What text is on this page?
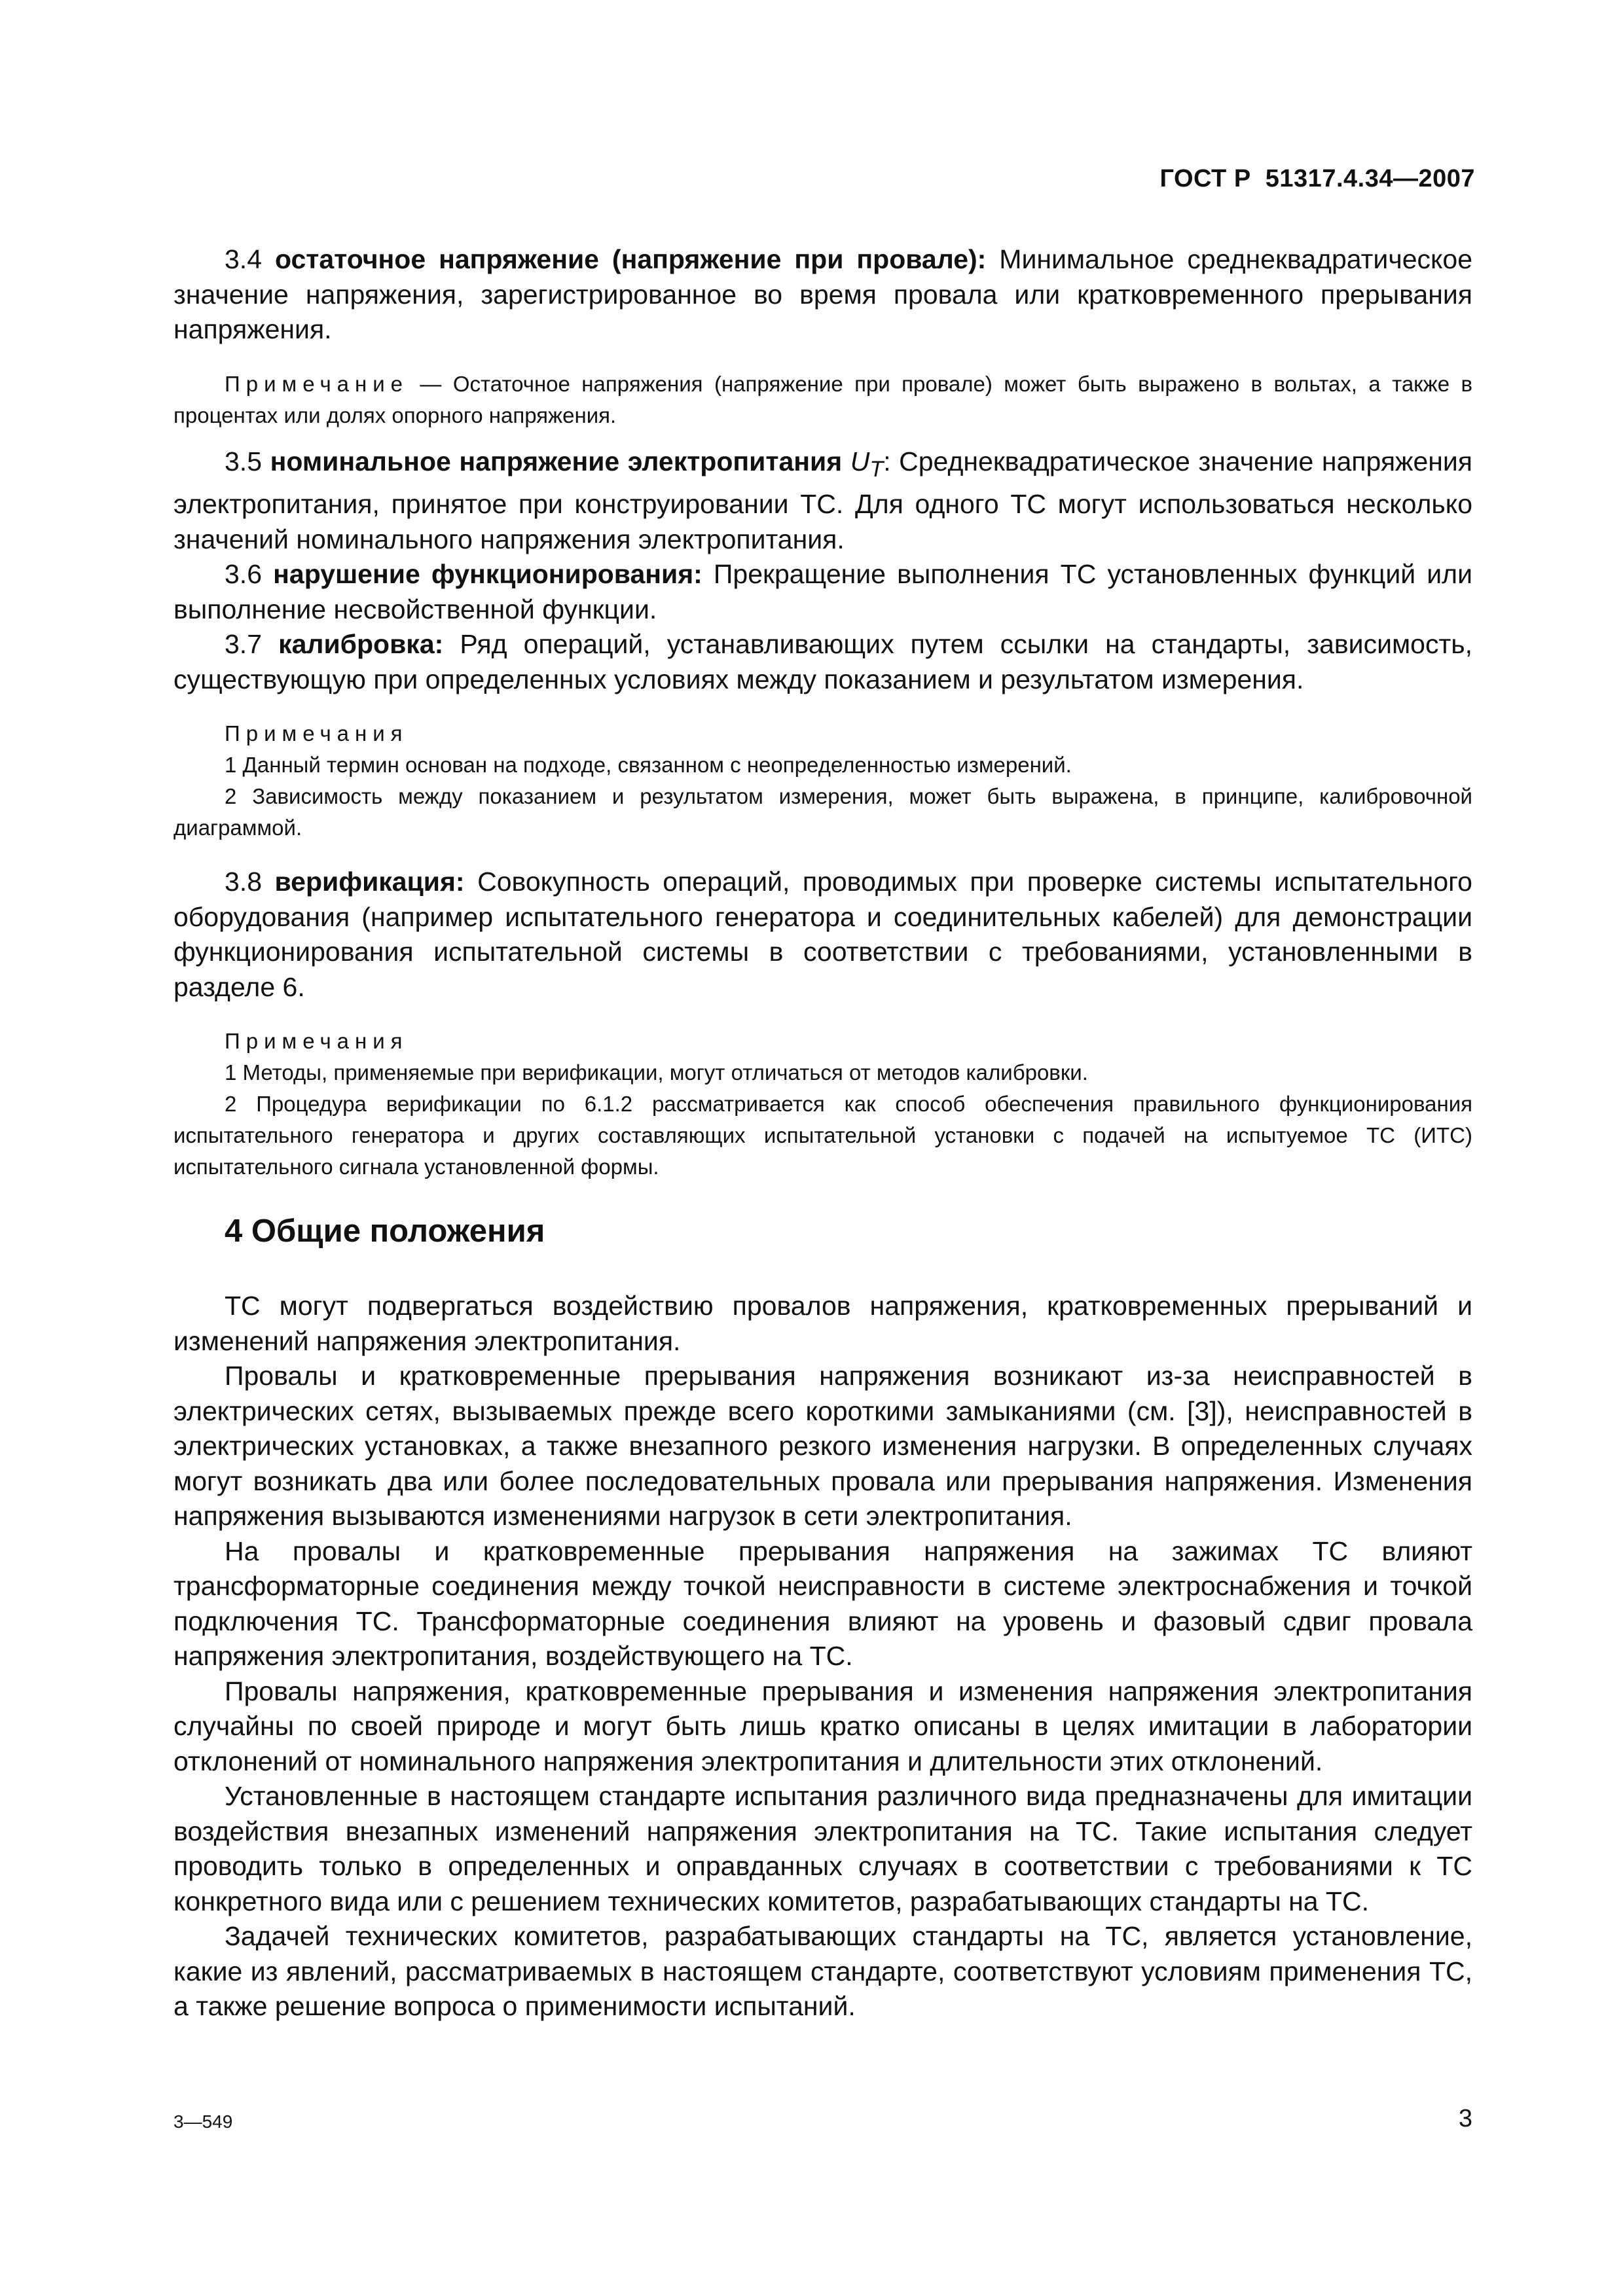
ГОСТ Р  51317.4.34—2007

3.4 остаточное напряжение (напряжение при провале): Минимальное среднеквадратическое значение напряжения, зарегистрированное во время провала или кратковременного прерывания напряжения.

Примечание — Остаточное напряжения (напряжение при провале) может быть выражено в вольтах, а также в процентах или долях опорного напряжения.

3.5 номинальное напряжение электропитания $U_T$: Среднеквадратическое значение напряжения электропитания, принятое при конструировании ТС. Для одного ТС могут использоваться несколько значений номинального напряжения электропитания.

3.6 нарушение функционирования: Прекращение выполнения ТС установленных функций или выполнение несвойственной функции.

3.7 калибровка: Ряд операций, устанавливающих путем ссылки на стандарты, зависимость, существующую при определенных условиях между показанием и результатом измерения.

Примечания

1 Данный термин основан на подходе, связанном с неопределенностью измерений.

2 Зависимость между показанием и результатом измерения, может быть выражена, в принципе, калибровочной диаграммой.

3.8 верификация: Совокупность операций, проводимых при проверке системы испытательного оборудования (например испытательного генератора и соединительных кабелей) для демонстрации функционирования испытательной системы в соответствии с требованиями, установленными в разделе 6.

Примечания

1 Методы, применяемые при верификации, могут отличаться от методов калибровки.

2 Процедура верификации по 6.1.2 рассматривается как способ обеспечения правильного функционирования испытательного генератора и других составляющих испытательной установки с подачей на испытуемое ТС (ИТС) испытательного сигнала установленной формы.

4 Общие положения

ТС могут подвергаться воздействию провалов напряжения, кратковременных прерываний и изменений напряжения электропитания.

Провалы и кратковременные прерывания напряжения возникают из-за неисправностей в электрических сетях, вызываемых прежде всего короткими замыканиями (см. [3]), неисправностей в электрических установках, а также внезапного резкого изменения нагрузки. В определенных случаях могут возникать два или более последовательных провала или прерывания напряжения. Изменения напряжения вызываются изменениями нагрузок в сети электропитания.

На провалы и кратковременные прерывания напряжения на зажимах ТС влияют трансформаторные соединения между точкой неисправности в системе электроснабжения и точкой подключения ТС. Трансформаторные соединения влияют на уровень и фазовый сдвиг провала напряжения электропитания, воздействующего на ТС.

Провалы напряжения, кратковременные прерывания и изменения напряжения электропитания случайны по своей природе и могут быть лишь кратко описаны в целях имитации в лаборатории отклонений от номинального напряжения электропитания и длительности этих отклонений.

Установленные в настоящем стандарте испытания различного вида предназначены для имитации воздействия внезапных изменений напряжения электропитания на ТС. Такие испытания следует проводить только в определенных и оправданных случаях в соответствии с требованиями к ТС конкретного вида или с решением технических комитетов, разрабатывающих стандарты на ТС.

Задачей технических комитетов, разрабатывающих стандарты на ТС, является установление, какие из явлений, рассматриваемых в настоящем стандарте, соответствуют условиям применения ТС, а также решение вопроса о применимости испытаний.

3—549	3
